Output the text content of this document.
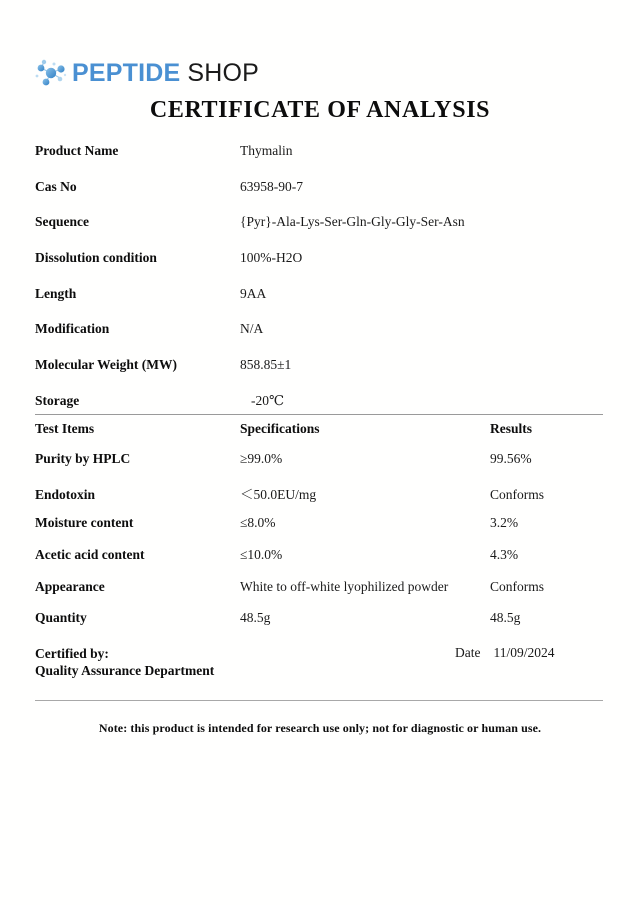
PEPTIDE SHOP
CERTIFICATE OF ANALYSIS
Product Name	Thymalin
Cas No	63958-90-7
Sequence	{Pyr}-Ala-Lys-Ser-Gln-Gly-Gly-Ser-Asn
Dissolution condition	100%-H2O
Length	9AA
Modification	N/A
Molecular Weight (MW)	858.85±1
Storage	-20℃
Test Items	Specifications	Results
Purity by HPLC	≥99.0%	99.56%
Endotoxin	＜50.0EU/mg	Conforms
Moisture content	≤8.0%	3.2%
Acetic acid content	≤10.0%	4.3%
Appearance	White to off-white lyophilized powder	Conforms
Quantity	48.5g	48.5g
Certified by:
Quality Assurance Department
Date 11/09/2024
Note: this product is intended for research use only; not for diagnostic or human use.
